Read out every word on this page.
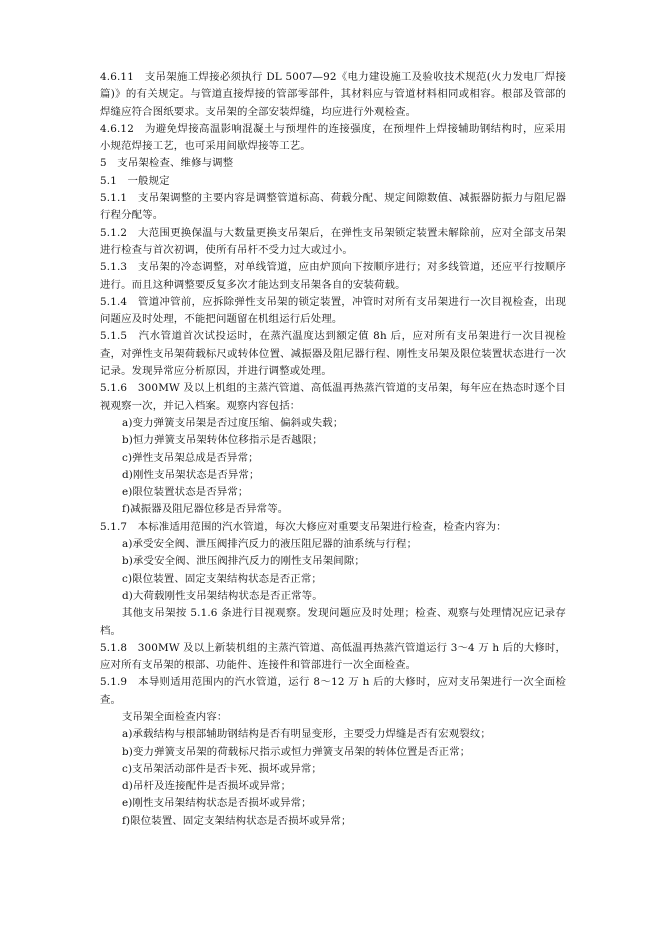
4.6.11　支吊架施工焊接必须执行 DL 5007—92《电力建设施工及验收技术规范(火力发电厂焊接篇)》的有关规定。与管道直接焊接的管部零部件，其材料应与管道材料相同或相容。根部及管部的焊缝应符合图纸要求。支吊架的全部安装焊缝，均应进行外观检查。

4.6.12　为避免焊接高温影响混凝土与预埋件的连接强度，在预埋件上焊接辅助钢结构时，应采用小规范焊接工艺，也可采用间歇焊接等工艺。

5　支吊架检查、维修与调整

5.1　一般规定

5.1.1　支吊架调整的主要内容是调整管道标高、荷载分配、规定间隙数值、减振器防振力与阻尼器行程分配等。

5.1.2　大范围更换保温与大数量更换支吊架后，在弹性支吊架锁定装置未解除前，应对全部支吊架进行检查与首次初调，使所有吊杆不受力过大或过小。

5.1.3　支吊架的冷态调整，对单线管道，应由炉顶向下按顺序进行；对多线管道，还应平行按顺序进行。而且这种调整要反复多次才能达到支吊架各自的安装荷载。

5.1.4　管道冲管前，应拆除弹性支吊架的锁定装置，冲管时对所有支吊架进行一次目视检查，出现问题应及时处理，不能把问题留在机组运行后处理。

5.1.5　汽水管道首次试投运时，在蒸汽温度达到额定值 8h 后，应对所有支吊架进行一次目视检查，对弹性支吊架荷载标尺或转体位置、减振器及阻尼器行程、刚性支吊架及限位装置状态进行一次记录。发现异常应分析原因，并进行调整或处理。

5.1.6　300MW 及以上机组的主蒸汽管道、高低温再热蒸汽管道的支吊架，每年应在热态时逐个目视观察一次，并记入档案。观察内容包括：

a)变力弹簧支吊架是否过度压缩、偏斜或失载；

b)恒力弹簧支吊架转体位移指示是否越限；

c)弹性支吊架总成是否异常；

d)刚性支吊架状态是否异常；

e)限位装置状态是否异常；

f)减振器及阻尼器位移是否异常等。

5.1.7　本标准适用范围的汽水管道，每次大修应对重要支吊架进行检查，检查内容为：

a)承受安全阀、泄压阀排汽反力的液压阻尼器的油系统与行程；

b)承受安全阀、泄压阀排汽反力的刚性支吊架间隙；

c)限位装置、固定支架结构状态是否正常；

d)大荷载刚性支吊架结构状态是否正常等。

其他支吊架按 5.1.6 条进行目视观察。发现问题应及时处理；检查、观察与处理情况应记录存档。

5.1.8　300MW 及以上新装机组的主蒸汽管道、高低温再热蒸汽管道运行 3～4 万 h 后的大修时，应对所有支吊架的根部、功能件、连接件和管部进行一次全面检查。

5.1.9　本导则适用范围内的汽水管道，运行 8～12 万 h 后的大修时，应对支吊架进行一次全面检查。

支吊架全面检查内容：

a)承载结构与根部辅助钢结构是否有明显变形，主要受力焊缝是否有宏观裂纹；

b)变力弹簧支吊架的荷载标尺指示或恒力弹簧支吊架的转体位置是否正常；

c)支吊架活动部件是否卡死、损坏或异常；

d)吊杆及连接配件是否损坏或异常；

e)刚性支吊架结构状态是否损坏或异常；

f)限位装置、固定支架结构状态是否损坏或异常；
